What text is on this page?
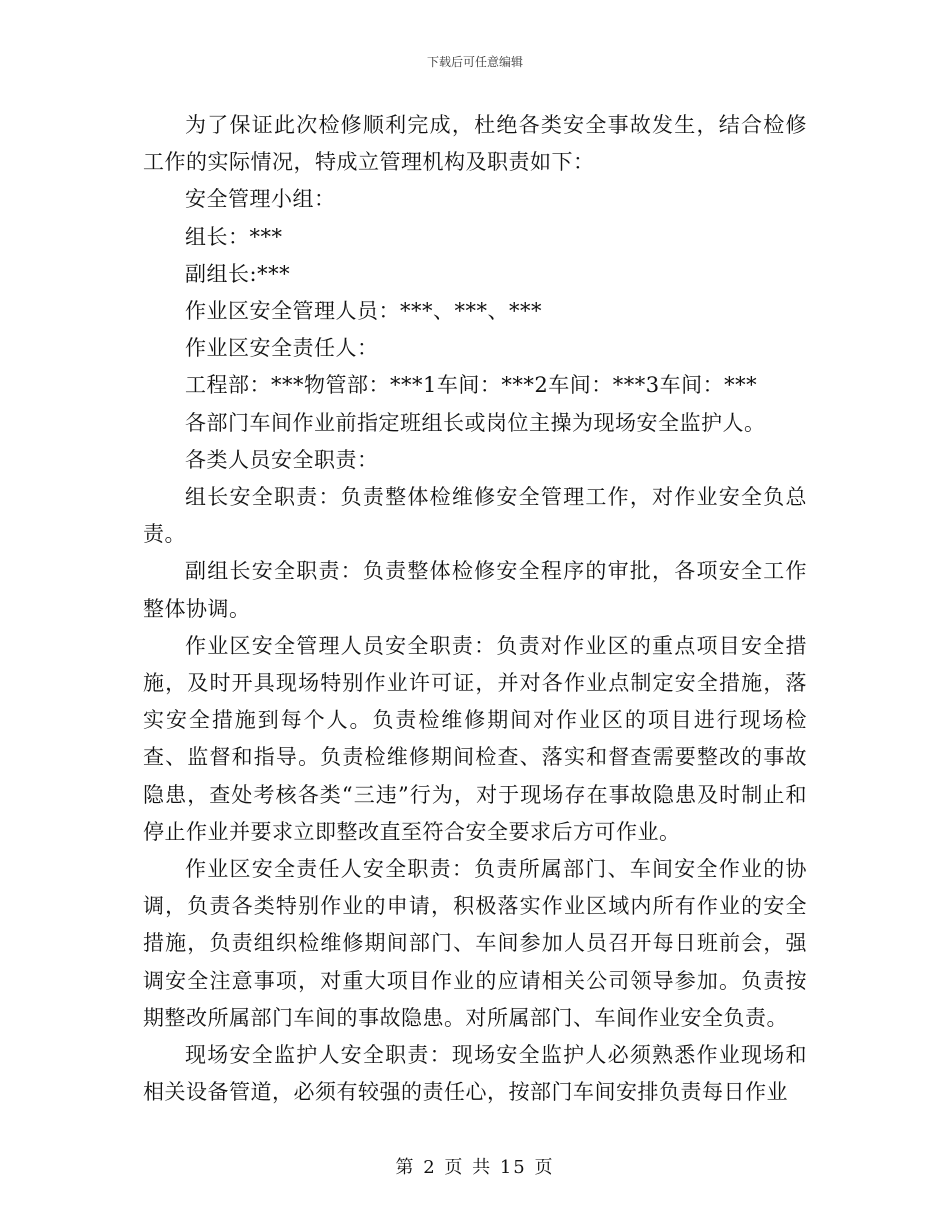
下载后可任意编辑

为了保证此次检修顺利完成，杜绝各类安全事故发生，结合检修工作的实际情况，特成立管理机构及职责如下：

安全管理小组：

组长：***

副组长:***

作业区安全管理人员：***、***、***

作业区安全责任人：

工程部：***物管部：***1车间：***2车间：***3车间：***

各部门车间作业前指定班组长或岗位主操为现场安全监护人。

各类人员安全职责：

组长安全职责：负责整体检维修安全管理工作，对作业安全负总责。

副组长安全职责：负责整体检修安全程序的审批，各项安全工作整体协调。

作业区安全管理人员安全职责：负责对作业区的重点项目安全措施，及时开具现场特别作业许可证，并对各作业点制定安全措施，落实安全措施到每个人。负责检维修期间对作业区的项目进行现场检查、监督和指导。负责检维修期间检查、落实和督查需要整改的事故隐患，查处考核各类“三违”行为，对于现场存在事故隐患及时制止和停止作业并要求立即整改直至符合安全要求后方可作业。

作业区安全责任人安全职责：负责所属部门、车间安全作业的协调，负责各类特别作业的申请，积极落实作业区域内所有作业的安全措施，负责组织检维修期间部门、车间参加人员召开每日班前会，强调安全注意事项，对重大项目作业的应请相关公司领导参加。负责按期整改所属部门车间的事故隐患。对所属部门、车间作业安全负责。

现场安全监护人安全职责：现场安全监护人必须熟悉作业现场和相关设备管道，必须有较强的责任心，按部门车间安排负责每日作业

第 2 页 共 15 页
